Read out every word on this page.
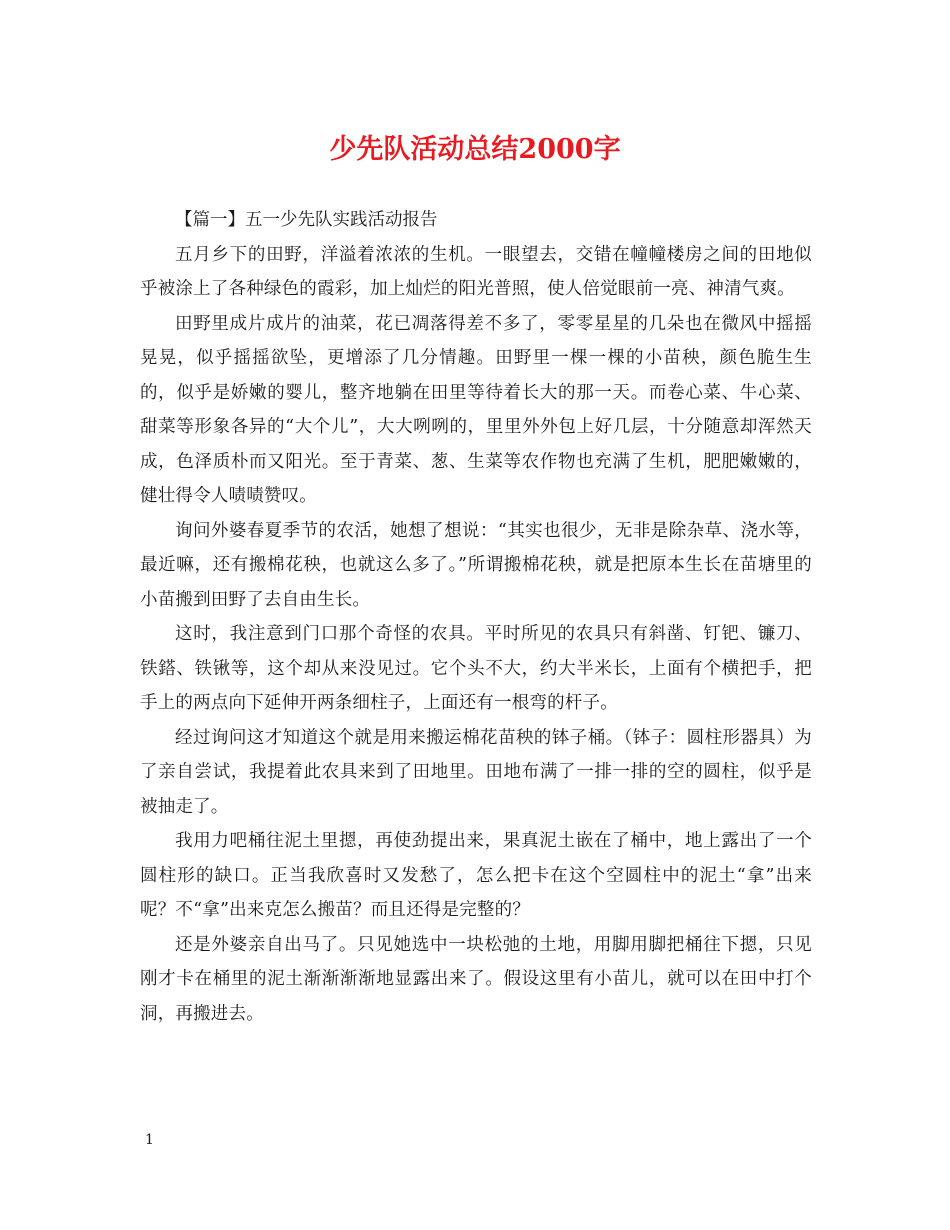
少先队活动总结2000字

【篇一】五一少先队实践活动报告

五月乡下的田野，洋溢着浓浓的生机。一眼望去，交错在幢幢楼房之间的田地似乎被涂上了各种绿色的霞彩，加上灿烂的阳光普照，使人倍觉眼前一亮、神清气爽。

田野里成片成片的油菜，花已凋落得差不多了，零零星星的几朵也在微风中摇摇晃晃，似乎摇摇欲坠，更增添了几分情趣。田野里一棵一棵的小苗秧，颜色脆生生的，似乎是娇嫩的婴儿，整齐地躺在田里等待着长大的那一天。而卷心菜、牛心菜、甜菜等形象各异的“大个儿”，大大咧咧的，里里外外包上好几层，十分随意却浑然天成，色泽质朴而又阳光。至于青菜、葱、生菜等农作物也充满了生机，肥肥嫩嫩的，健壮得令人啧啧赞叹。

询问外婆春夏季节的农活，她想了想说：“其实也很少，无非是除杂草、浇水等，最近嘛，还有搬棉花秧，也就这么多了。”所谓搬棉花秧，就是把原本生长在苗塘里的小苗搬到田野了去自由生长。

这时，我注意到门口那个奇怪的农具。平时所见的农具只有斜凿、钉钯、镰刀、铁鎝、铁锹等，这个却从来没见过。它个头不大，约大半米长，上面有个横把手，把手上的两点向下延伸开两条细柱子，上面还有一根弯的杆子。

经过询问这才知道这个就是用来搬运棉花苗秧的钵子桶。（钵子：圆柱形器具）为了亲自尝试，我提着此农具来到了田地里。田地布满了一排一排的空的圆柱，似乎是被抽走了。

我用力吧桶往泥土里摁，再使劲提出来，果真泥土嵌在了桶中，地上露出了一个圆柱形的缺口。正当我欣喜时又发愁了，怎么把卡在这个空圆柱中的泥土“拿”出来呢？不“拿”出来克怎么搬苗？而且还得是完整的？

还是外婆亲自出马了。只见她选中一块松弛的土地，用脚用脚把桶往下摁，只见刚才卡在桶里的泥土渐渐渐渐地显露出来了。假设这里有小苗儿，就可以在田中打个洞，再搬进去。

1
